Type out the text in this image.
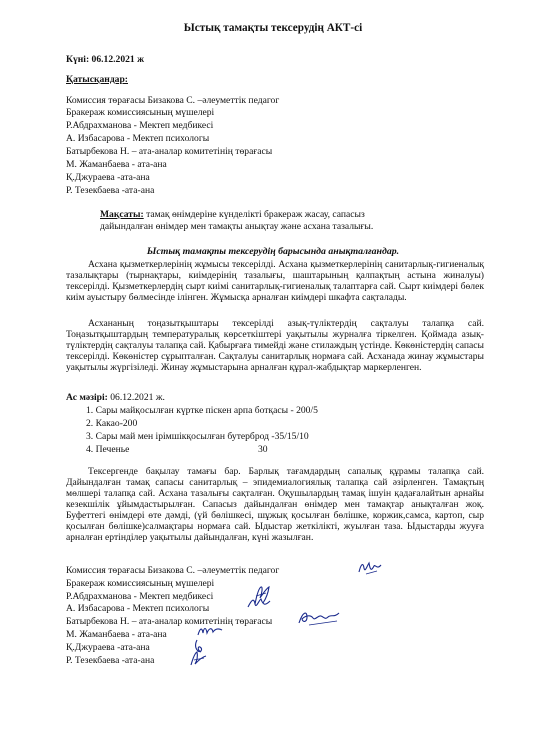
Ыстық тамақты тексерудің АКТ-сі
Күні: 06.12.2021 ж
Қатысқандар:
Комиссия төрағасы Бизакова С. –әлеуметтік педагог
Бракераж комиссиясының мүшелері
Р.Абдрахманова - Мектеп медбикесі
А. Избасарова - Мектеп психологы
Батырбекова Н. – ата-аналар комитетінің төрағасы
М. Жаманбаева - ата-ана
Қ.Джураева -ата-ана
Р. Тезекбаева -ата-ана
Мақсаты: тамақ өнімдеріне күнделікті бракераж жасау, сапасыз
дайындалған өнімдер мен тамақты анықтау және асхана тазалығы.
Ыстық тамақты тексерудің барысында анықталғандар.
Асхана қызметкерлерінің жұмысы тексерілді. Асхана қызметкерлерінің санитарлық-гигиеналық тазалықтары (тырнақтары, киімдерінің тазалығы, шаштарының қалпақтың астына жиналуы) тексерілді. Қызметкерлердің сырт киімі санитарлық-гигиеналық талаптарға сай. Сырт киімдері бөлек киім ауыстыру бөлмесінде ілінген. Жұмысқа арналған киімдері шкафта сақталады.
Асхананың тоңазытқыштары тексерілді азық-түліктердің сақталуы талапқа сай. Тоңазытқыштардың температуралық көрсеткіштері уақытылы журналға тіркелген. Қоймада азық-түліктердің сақталуы талапқа сай. Қабырғаға тимейді және стилаждың үстінде. Көкөністердің сапасы тексерілді. Көкөністер сұрыпталған. Сақталуы санитарлық нормаға сай. Асханада жинау жұмыстары уақытылы жүргізіледі. Жинау жұмыстарына арналған құрал-жабдықтар маркерленген.
Ас мәзірі: 06.12.2021 ж.
1. Сары майқосылған күртке піскен арпа ботқасы - 200/5
2. Какао-200
3. Сары май мен ірімшікқосылған бутерброд -35/15/10
4. Печенье	30
Тексергенде бақылау тамағы бар. Барлық тағамдардың сапалық құрамы талапқа сай. Дайындалған тамақ сапасы санитарлық – эпидемиалогиялық талапқа сай әзірленген. Тамақтың мөлшері талапқа сай. Асхана тазалығы сақталған. Оқушылардың тамақ ішуін қадағалайтын арнайы кезекшілік ұйымдастырылған. Сапасыз дайындалған өнімдер мен тамақтар анықталған жоқ. Буфеттегі өнімдері өте дәмді, (үй бөлішкесі, шұжық қосылған бөлішке, коржик,самса, картоп, сыр қосылған бөлішке)салмақтары нормаға сай. Ыдыстар жеткілікті, жуылған таза. Ыдыстарды жууға арналған ертінділер уақытылы дайындалған, күні жазылған.
Комиссия төрағасы Бизакова С. –әлеуметтік педагог
Бракераж комиссиясының мүшелері
Р.Абдрахманова - Мектеп медбикесі
А. Избасарова - Мектеп психологы
Батырбекова Н. – ата-аналар комитетінің төрағасы
М. Жаманбаева - ата-ана
Қ.Джураева -ата-ана
Р. Тезекбаева -ата-ана
